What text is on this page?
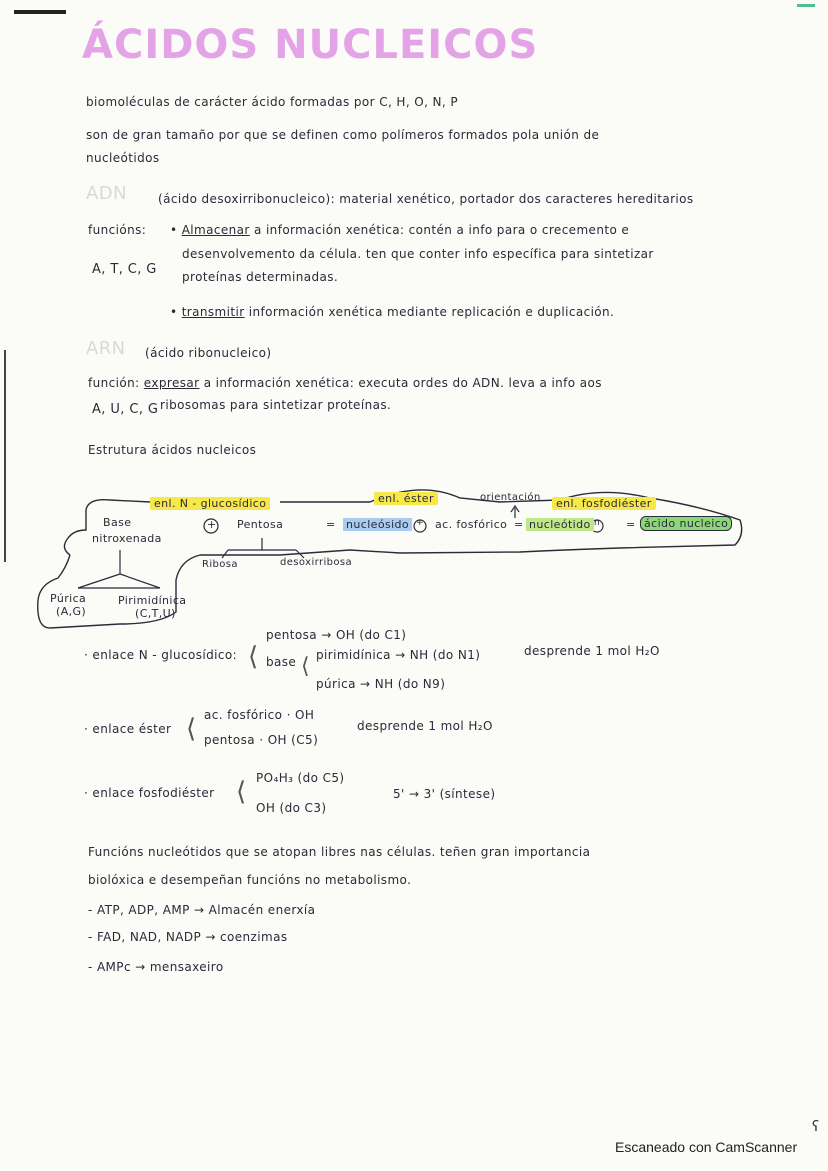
ÁCIDOS NUCLEICOS
biomoléculas de carácter ácido formadas por C, H, O, N, P
son de gran tamaño por que se definen como polímeros formados pola unión de
nucleótidos
ADN	(ácido desoxirribonucleico): material xenético, portador dos caracteres hereditarios
funcións: • Almacenar a información xenética: contén a info para o crecemento e
desenvolvemento da célula. ten que conter info específica para sintetizar
proteínas determinadas.
A, T, C, G
• transmitir información xenética mediante replicación e duplicación.
ARN (ácido ribonucleico)
función: expresar a información xenética: executa ordes do ADN. leva a info aos
A, U, C, G ribosomas para sintetizar proteínas.
Estrutura ácidos nucleicos
enl. N - glucosídico	enl. éster	orientación	enl. fosfodiéster
Base
nitroxenada
+ Pentosa	= nucleósido + ac. fosfórico = nucleótido n = ácido nucleico
Ribosa	desoxirribosa
Púrica
(A,G)
Pirimidínica
(C,T,U)
· enlace N - glucosídico: ⟨
pentosa → OH (do C1)
base ⟨ pirimidínica → NH (do N1)
púrica → NH (do N9)
desprende 1 mol H₂O
· enlace éster ⟨ ac. fosfórico · OH
pentosa · OH (C5)
desprende 1 mol H₂O
· enlace fosfodiéster ⟨ PO₄H₃ (do C5)
OH (do C3)
5' → 3' (síntese)
Funcións nucleótidos que se atopan libres nas células. teñen gran importancia
biolóxica e desempeñan funcións no metabolismo.
- ATP, ADP, AMP → Almacén enerxía
- FAD, NAD, NADP → coenzimas
- AMPc → mensaxeiro
ʕ
Escaneado con CamScanner
